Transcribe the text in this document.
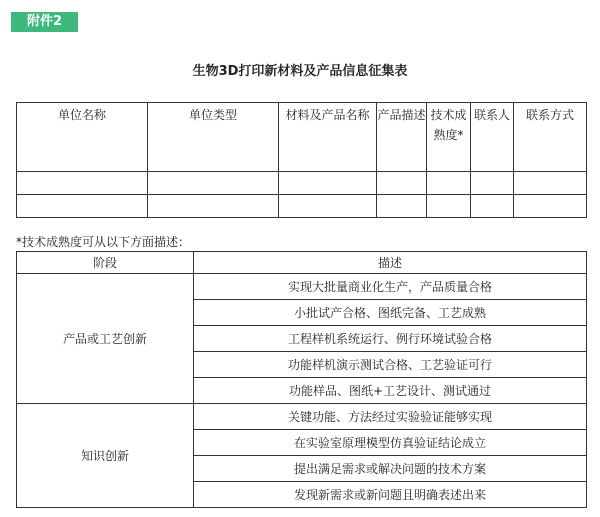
附件2
生物3D打印新材料及产品信息征集表
单位名称	单位类型	材料及产品名称	产品描述	技术成熟度*	联系人	联系方式

*技术成熟度可从以下方面描述：
阶段	描述
产品或工艺创新	实现大批量商业化生产，产品质量合格
	小批试产合格、图纸完备、工艺成熟
	工程样机系统运行、例行环境试验合格
	功能样机演示测试合格、工艺验证可行
	功能样品、图纸+工艺设计、测试通过
知识创新	关键功能、方法经过实验验证能够实现
	在实验室原理模型仿真验证结论成立
	提出满足需求或解决问题的技术方案
	发现新需求或新问题且明确表述出来
